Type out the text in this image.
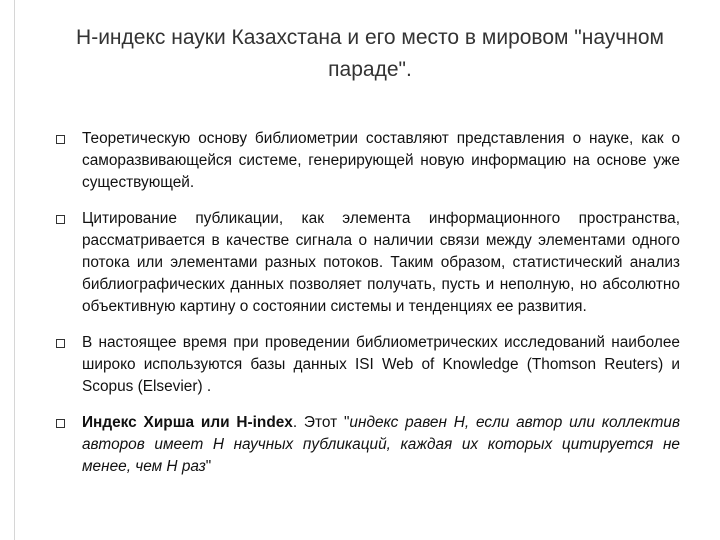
Н-индекс науки Казахстана и его место в мировом "научном параде".
Теоретическую основу библиометрии составляют представления о науке, как о саморазвивающейся системе, генерирующей новую информацию на основе уже существующей.
Цитирование публикации, как элемента информационного пространства, рассматривается в качестве сигнала о наличии связи между элементами одного потока или элементами разных потоков. Таким образом, статистический анализ библиографических данных позволяет получать, пусть и неполную, но абсолютно объективную картину о состоянии системы и тенденциях ее развития.
В настоящее время при проведении библиометрических исследований наиболее широко используются базы данных ISI Web of Knowledge (Thomson Reuters) и Scopus (Elsevier) .
Индекс Хирша или H-index. Этот "индекс равен H, если автор или коллектив авторов имеет H научных публикаций, каждая их которых цитируется не менее, чем H раз"
